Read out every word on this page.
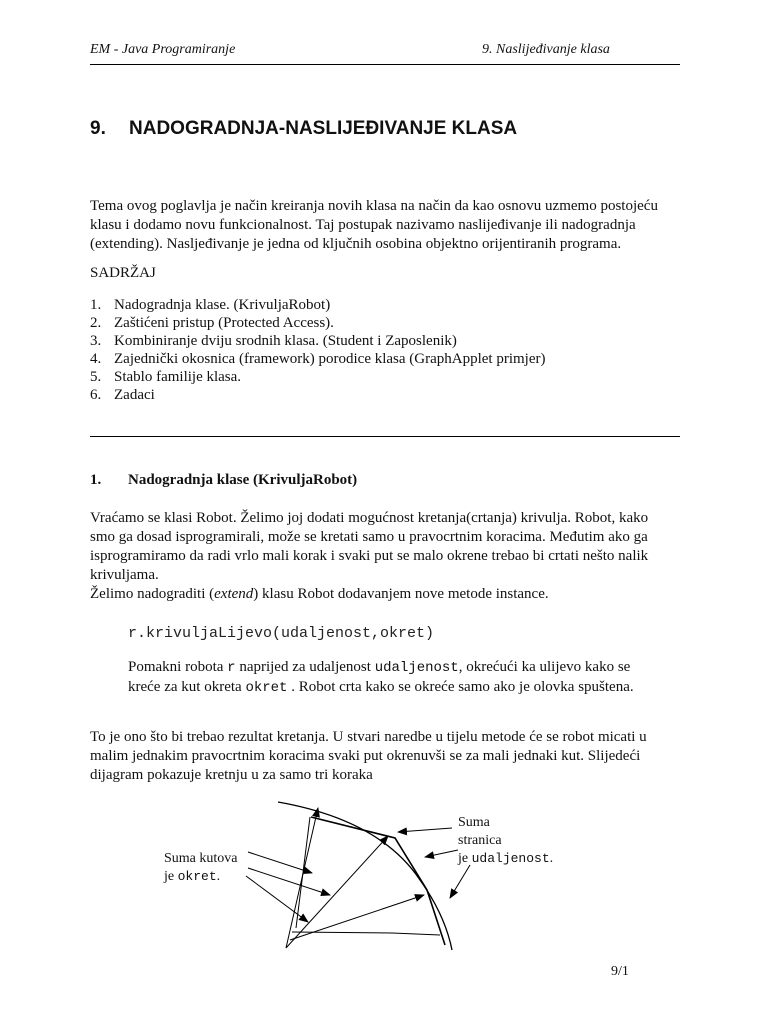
EM - Java Programiranje	9. Naslijeđivanje klasa
9. NADOGRADNJA-NASLIJEĐIVANJE KLASA
Tema ovog poglavlja je način kreiranja novih klasa na način da kao osnovu uzmemo postojeću
klasu i dodamo novu funkcionalnost. Taj postupak nazivamo naslijeđivanje ili nadogradnja
(extending). Nasljeđivanje je jedna od ključnih osobina objektno orijentiranih programa.
SADRŽAJ
1. Nadogradnja klase. (KrivuljaRobot)
2. Zaštićeni pristup (Protected Access).
3. Kombiniranje dviju srodnih klasa. (Student i Zaposlenik)
4. Zajednički okosnica (framework) porodice klasa (GraphApplet primjer)
5. Stablo familije klasa.
6. Zadaci
1. Nadogradnja klase (KrivuljaRobot)
Vraćamo se klasi Robot. Želimo joj dodati mogućnost kretanja(crtanja) krivulja. Robot, kako
smo ga dosad isprogramirali, može se kretati samo u pravocrtnim koracima. Međutim ako ga
isprogramiramo da radi vrlo mali korak i svaki put se malo okrene trebao bi crtati nešto nalik
krivuljama.
Želimo nadograditi (extend) klasu Robot dodavanjem nove metode instance.
r.krivuljaLijevo(udaljenost,okret)
Pomakni robota r naprijed za udaljenost udaljenost, okrećući ka ulijevo kako se
kreće za kut okreta okret . Robot crta kako se okreće samo ako je olovka spuštena.
To je ono što bi trebao rezultat kretanja. U stvari naredbe u tijelu metode će se robot micati u
malim jednakim pravocrtnim koracima svaki put okrenuvši se za mali jednaki kut. Slijedeći
dijagram pokazuje kretnju u za samo tri koraka
Suma kutova
je okret.
Suma
stranica
je udaljenost.
9/1
